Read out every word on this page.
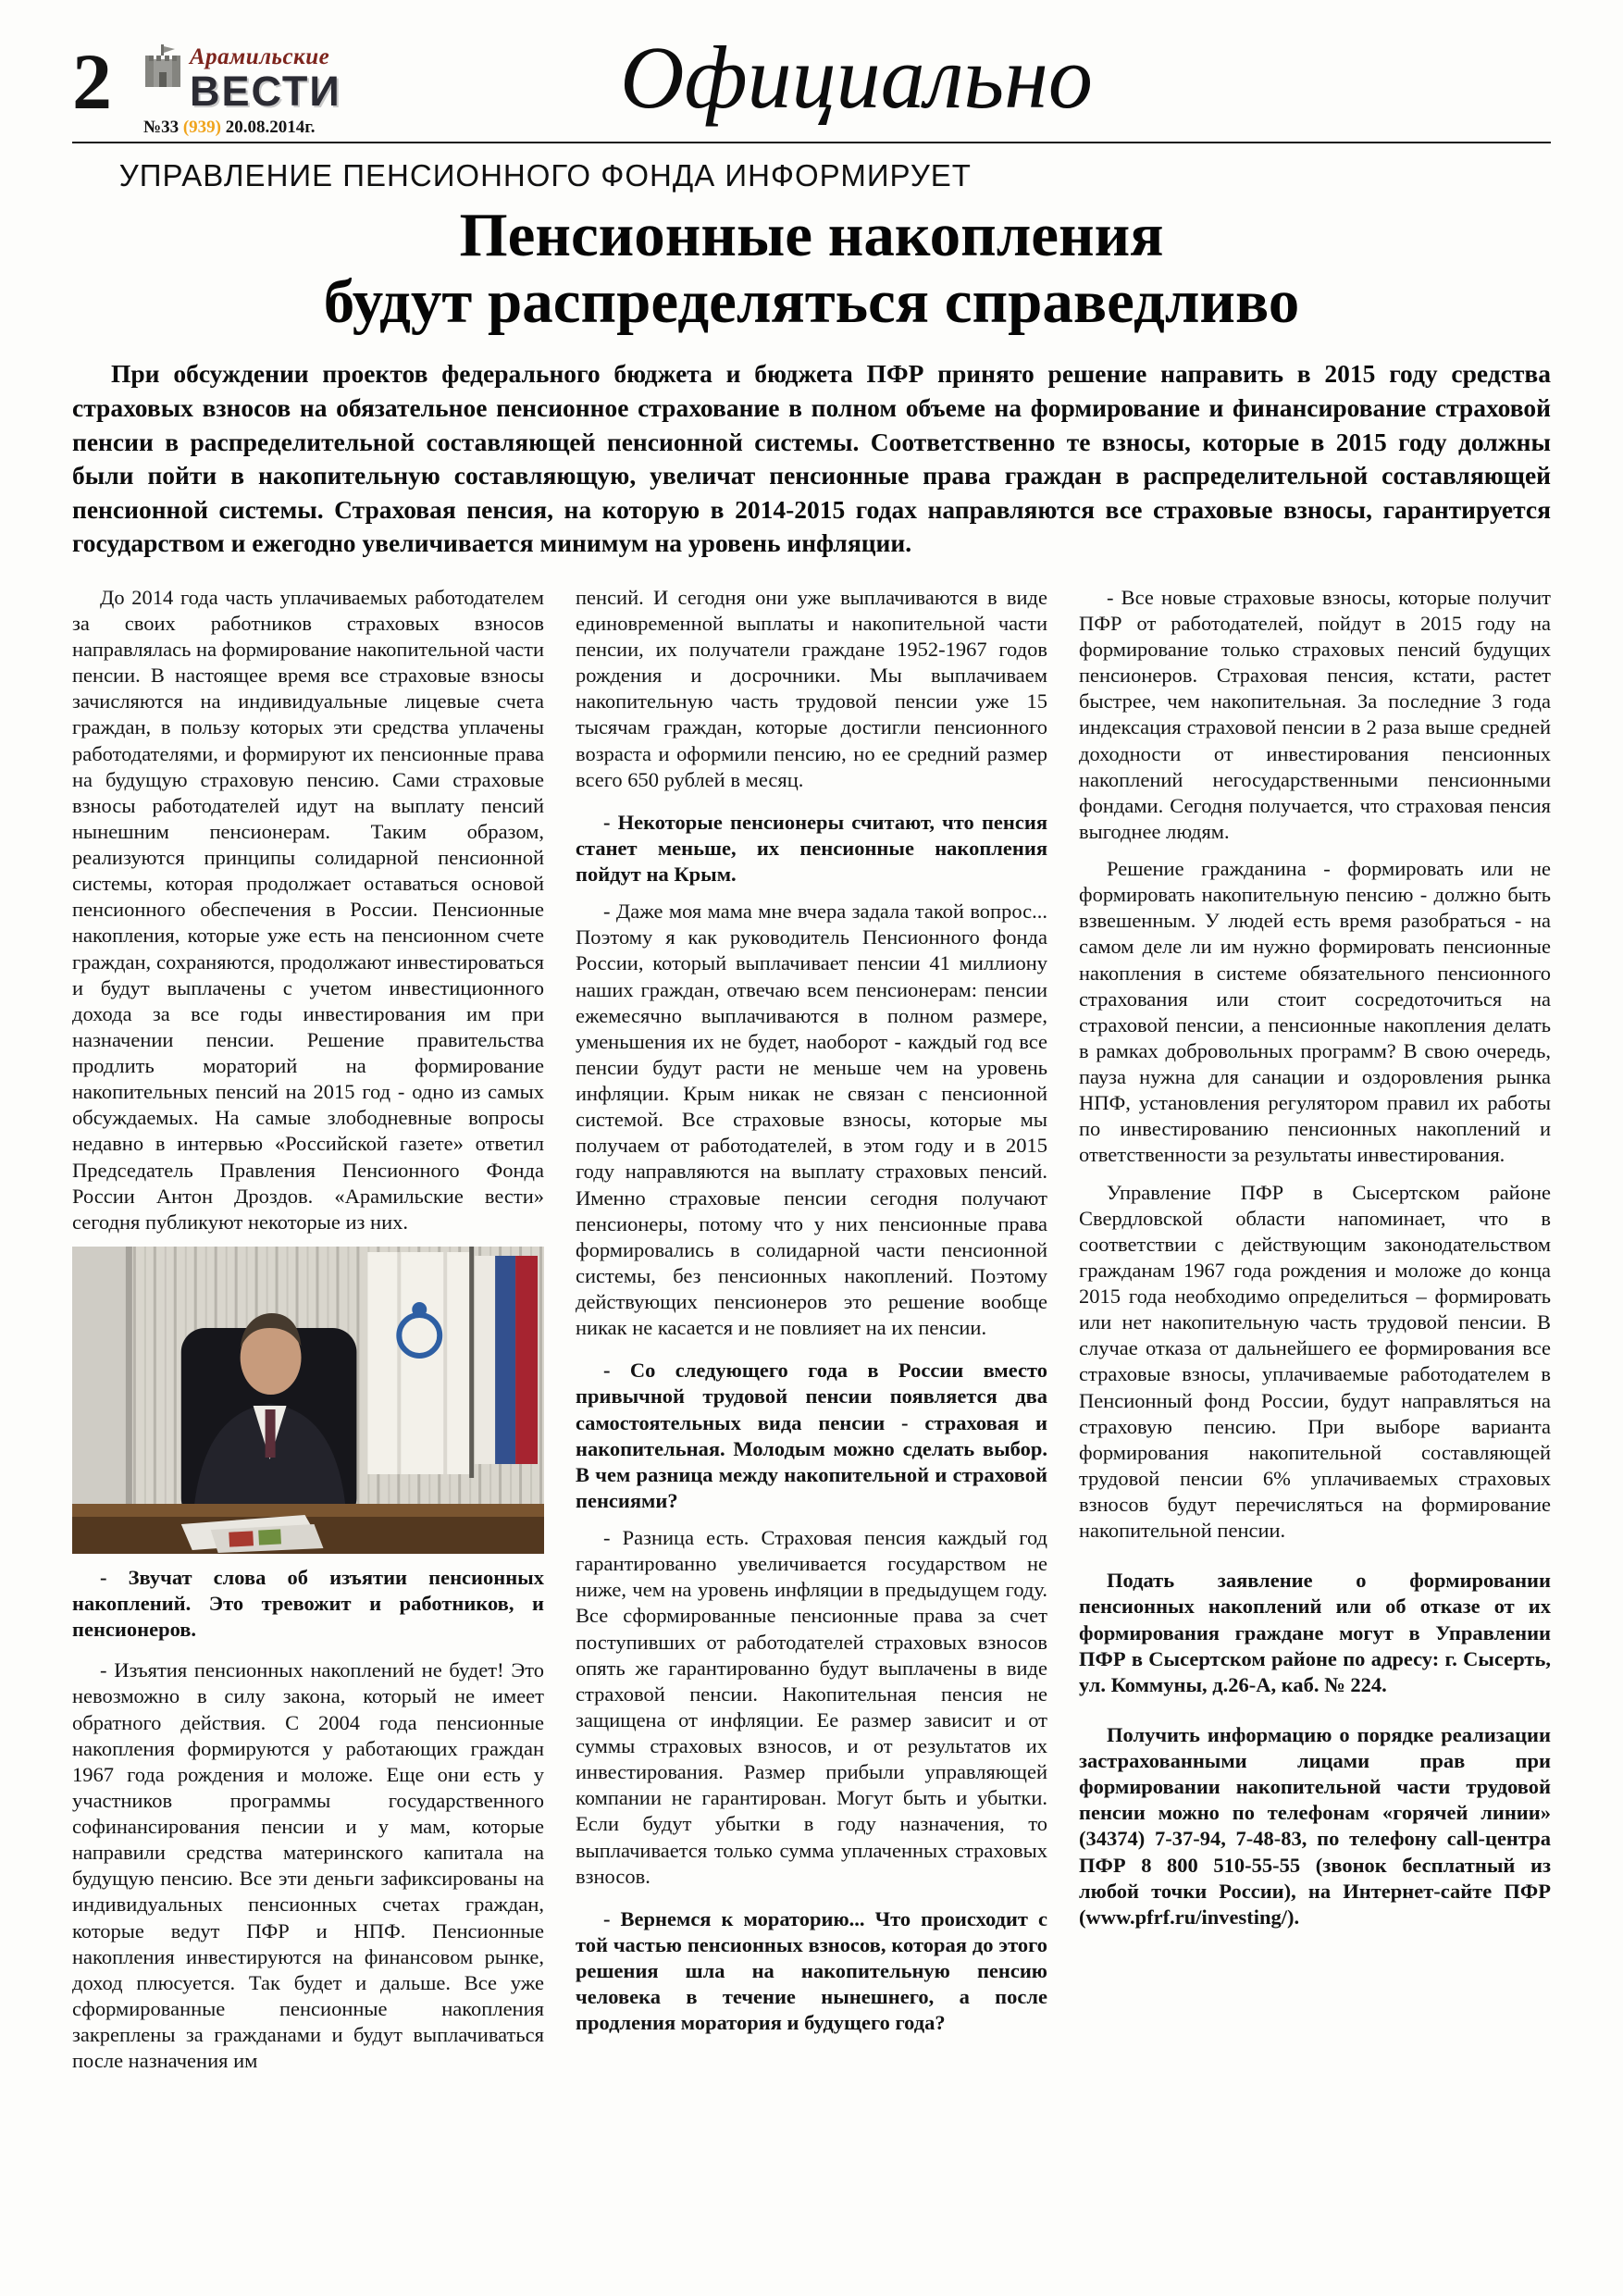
2	Арамильские
ВЕСТИ
№33 (939) 20.08.2014г.
Официально
УПРАВЛЕНИЕ ПЕНСИОННОГО ФОНДА ИНФОРМИРУЕТ
Пенсионные накопления
будут распределяться справедливо

При обсуждении проектов федерального бюджета и бюджета ПФР принято решение направить в 2015 году средства страховых взносов на обязательное пенсионное страхование в полном объеме на формирование и финансирование страховой пенсии в распределительной составляющей пенсионной системы. Соответственно те взносы, которые в 2015 году должны были пойти в накопительную составляющую, увеличат пенсионные права граждан в распределительной составляющей пенсионной системы. Страховая пенсия, на которую в 2014-2015 годах направляются все страховые взносы, гарантируется государством и ежегодно увеличивается минимум на уровень инфляции.

До 2014 года часть уплачиваемых работодателем за своих работников страховых взносов направлялась на формирование накопительной части пенсии. В настоящее время все страховые взносы зачисляются на индивидуальные лицевые счета граждан, в пользу которых эти средства уплачены работодателями, и формируют их пенсионные права на будущую страховую пенсию. Сами страховые взносы работодателей идут на выплату пенсий нынешним пенсионерам. Таким образом, реализуются принципы солидарной пенсионной системы, которая продолжает оставаться основой пенсионного обеспечения в России. Пенсионные накопления, которые уже есть на пенсионном счете граждан, сохраняются, продолжают инвестироваться и будут выплачены с учетом инвестиционного дохода за все годы инвестирования им при назначении пенсии. Решение правительства продлить мораторий на формирование накопительных пенсий на 2015 год - одно из самых обсуждаемых. На самые злободневные вопросы недавно в интервью «Российской газете» ответил Председатель Правления Пенсионного Фонда России Антон Дроздов. «Арамильские вести» сегодня публикуют некоторые из них.

- Звучат слова об изъятии пенсионных накоплений. Это тревожит и работников, и пенсионеров.

- Изъятия пенсионных накоплений не будет! Это невозможно в силу закона, который не имеет обратного действия. С 2004 года пенсионные накопления формируются у работающих граждан 1967 года рождения и моложе. Еще они есть у участников программы государственного софинансирования пенсии и у мам, которые направили средства материнского капитала на будущую пенсию. Все эти деньги зафиксированы на индивидуальных пенсионных счетах граждан, которые ведут ПФР и НПФ. Пенсионные накопления инвестируются на финансовом рынке, доход плюсуется. Так будет и дальше. Все уже сформированные пенсионные накопления закреплены за гражданами и будут выплачиваться после назначения им

пенсий. И сегодня они уже выплачиваются в виде единовременной выплаты и накопительной части пенсии, их получатели граждане 1952-1967 годов рождения и досрочники. Мы выплачиваем накопительную часть трудовой пенсии уже 15 тысячам граждан, которые достигли пенсионного возраста и оформили пенсию, но ее средний размер всего 650 рублей в месяц.

- Некоторые пенсионеры считают, что пенсия станет меньше, их пенсионные накопления пойдут на Крым.

- Даже моя мама мне вчера задала такой вопрос... Поэтому я как руководитель Пенсионного фонда России, который выплачивает пенсии 41 миллиону наших граждан, отвечаю всем пенсионерам: пенсии ежемесячно выплачиваются в полном размере, уменьшения их не будет, наоборот - каждый год все пенсии будут расти не меньше чем на уровень инфляции. Крым никак не связан с пенсионной системой. Все страховые взносы, которые мы получаем от работодателей, в этом году и в 2015 году направляются на выплату страховых пенсий. Именно страховые пенсии сегодня получают пенсионеры, потому что у них пенсионные права формировались в солидарной части пенсионной системы, без пенсионных накоплений. Поэтому действующих пенсионеров это решение вообще никак не касается и не повлияет на их пенсии.

- Со следующего года в России вместо привычной трудовой пенсии появляется два самостоятельных вида пенсии - страховая и накопительная. Молодым можно сделать выбор. В чем разница между накопительной и страховой пенсиями?

- Разница есть. Страховая пенсия каждый год гарантированно увеличивается государством не ниже, чем на уровень инфляции в предыдущем году. Все сформированные пенсионные права за счет поступивших от работодателей страховых взносов опять же гарантированно будут выплачены в виде страховой пенсии. Накопительная пенсия не защищена от инфляции. Ее размер зависит и от суммы страховых взносов, и от результатов их инвестирования. Размер прибыли управляющей компании не гарантирован. Могут быть и убытки. Если будут убытки в году назначения, то выплачивается только сумма уплаченных страховых взносов.

- Вернемся к мораторию... Что происходит с той частью пенсионных взносов, которая до этого решения шла на накопительную пенсию человека в течение нынешнего, а после продления моратория и будущего года?

- Все новые страховые взносы, которые получит ПФР от работодателей, пойдут в 2015 году на формирование только страховых пенсий будущих пенсионеров. Страховая пенсия, кстати, растет быстрее, чем накопительная. За последние 3 года индексация страховой пенсии в 2 раза выше средней доходности от инвестирования пенсионных накоплений негосударственными пенсионными фондами. Сегодня получается, что страховая пенсия выгоднее людям.

Решение гражданина - формировать или не формировать накопительную пенсию - должно быть взвешенным. У людей есть время разобраться - на самом деле ли им нужно формировать пенсионные накопления в системе обязательного пенсионного страхования или стоит сосредоточиться на страховой пенсии, а пенсионные накопления делать в рамках добровольных программ? В свою очередь, пауза нужна для санации и оздоровления рынка НПФ, установления регулятором правил их работы по инвестированию пенсионных накоплений и ответственности за результаты инвестирования.

Управление ПФР в Сысертском районе Свердловской области напоминает, что в соответствии с действующим законодательством гражданам 1967 года рождения и моложе до конца 2015 года необходимо определиться – формировать или нет накопительную часть трудовой пенсии. В случае отказа от дальнейшего ее формирования все страховые взносы, уплачиваемые работодателем в Пенсионный фонд России, будут направляться на страховую пенсию. При выборе варианта формирования накопительной составляющей трудовой пенсии 6% уплачиваемых страховых взносов будут перечисляться на формирование накопительной пенсии.

Подать заявление о формировании пенсионных накоплений или об отказе от их формирования граждане могут в Управлении ПФР в Сысертском районе по адресу: г. Сысерть, ул. Коммуны, д.26-А, каб. № 224.

Получить информацию о порядке реализации застрахованными лицами прав при формировании накопительной части трудовой пенсии можно по телефонам «горячей линии» (34374) 7-37-94, 7-48-83, по телефону call-центра ПФР 8 800 510-55-55 (звонок бесплатный из любой точки России), на Интернет-сайте ПФР (www.pfrf.ru/investing/).
